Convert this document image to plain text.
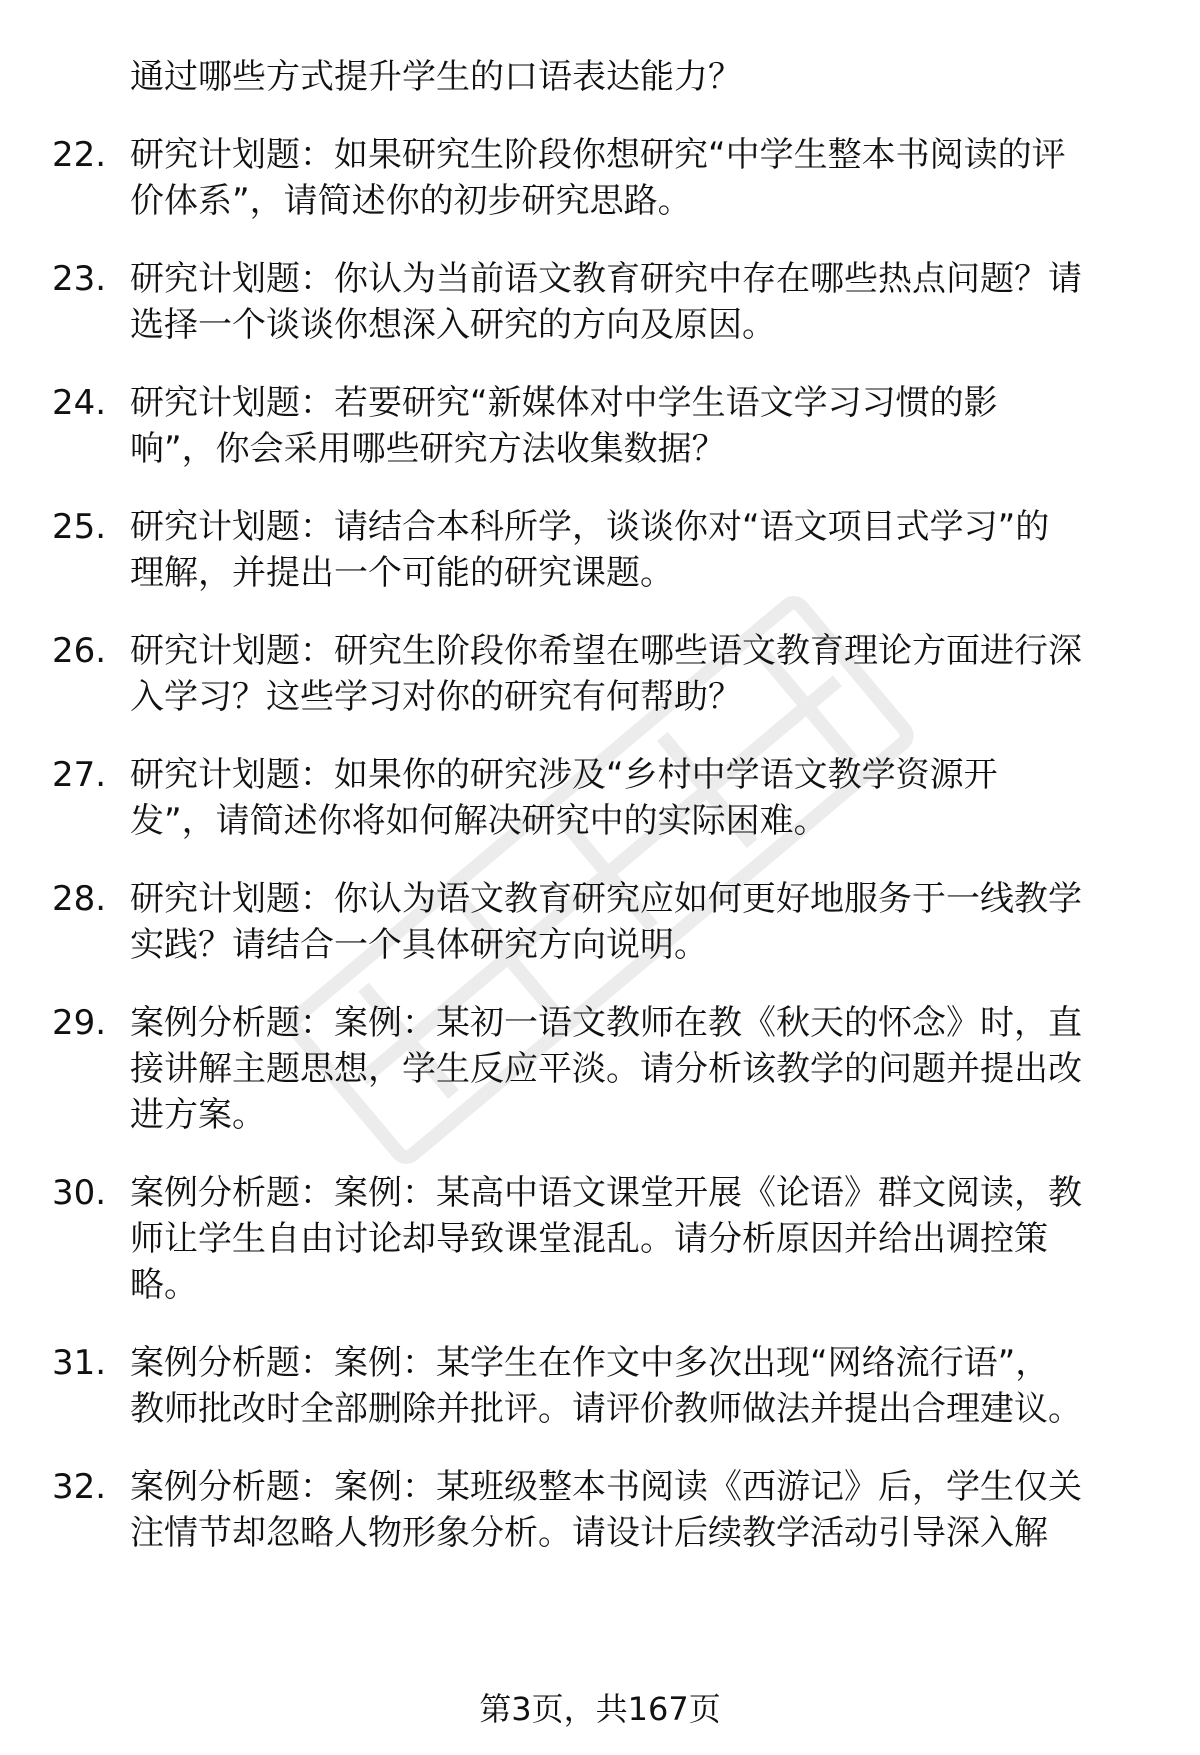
通过哪些方式提升学生的口语表达能力？
22. 研究计划题：如果研究生阶段你想研究“中学生整本书阅读的评
价体系”，请简述你的初步研究思路。
23. 研究计划题：你认为当前语文教育研究中存在哪些热点问题？请
选择一个谈谈你想深入研究的方向及原因。
24. 研究计划题：若要研究“新媒体对中学生语文学习习惯的影
响”，你会采用哪些研究方法收集数据？
25. 研究计划题：请结合本科所学，谈谈你对“语文项目式学习”的
理解，并提出一个可能的研究课题。
26. 研究计划题：研究生阶段你希望在哪些语文教育理论方面进行深
入学习？这些学习对你的研究有何帮助？
27. 研究计划题：如果你的研究涉及“乡村中学语文教学资源开
发”，请简述你将如何解决研究中的实际困难。
28. 研究计划题：你认为语文教育研究应如何更好地服务于一线教学
实践？请结合一个具体研究方向说明。
29. 案例分析题：案例：某初一语文教师在教《秋天的怀念》时，直
接讲解主题思想，学生反应平淡。请分析该教学的问题并提出改
进方案。
30. 案例分析题：案例：某高中语文课堂开展《论语》群文阅读，教
师让学生自由讨论却导致课堂混乱。请分析原因并给出调控策
略。
31. 案例分析题：案例：某学生在作文中多次出现“网络流行语”，
教师批改时全部删除并批评。请评价教师做法并提出合理建议。
32. 案例分析题：案例：某班级整本书阅读《西游记》后，学生仅关
注情节却忽略人物形象分析。请设计后续教学活动引导深入解
第3页，共167页
